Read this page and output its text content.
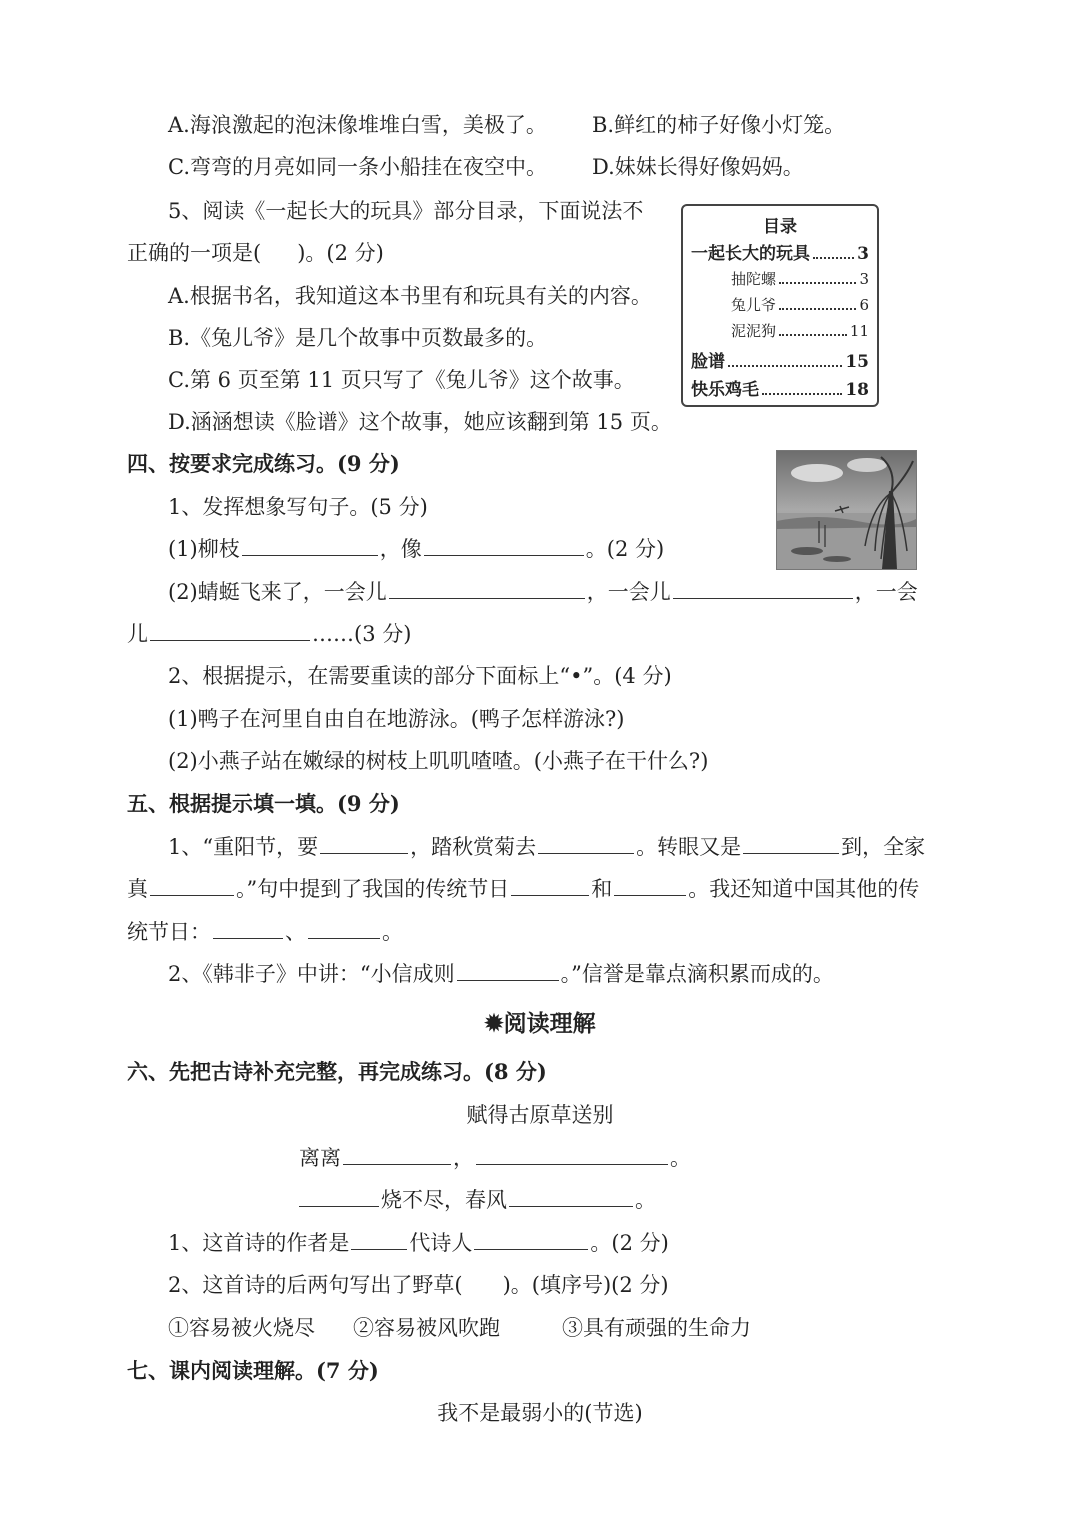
A.海浪激起的泡沫像堆堆白雪，美极了。 B.鲜红的柿子好像小灯笼。
C.弯弯的月亮如同一条小船挂在夜空中。 D.妹妹长得好像妈妈。
5、阅读《一起长大的玩具》部分目录，下面说法不
正确的一项是( )。(2 分)
A.根据书名，我知道这本书里有和玩具有关的内容。
B.《兔儿爷》是几个故事中页数最多的。
C.第 6 页至第 11 页只写了《兔儿爷》这个故事。
D.涵涵想读《脸谱》这个故事，她应该翻到第 15 页。
目录
一起长大的玩具	3
抽陀螺	3
兔儿爷	6
泥泥狗	11
脸谱	15
快乐鸡毛	18
四、按要求完成练习。(9 分)
1、发挥想象写句子。(5 分)
(1)柳枝	，像	。(2 分)
(2)蜻蜓飞来了，一会儿	，一会儿	，一会
儿	……(3 分)
2、根据提示，在需要重读的部分下面标上“•”。(4 分)
(1)鸭子在河里自由自在地游泳。(鸭子怎样游泳?)
(2)小燕子站在嫩绿的树枝上叽叽喳喳。(小燕子在干什么?)
五、根据提示填一填。(9 分)
1、“重阳节，要	，踏秋赏菊去	。转眼又是	到，全家
真	。”句中提到了我国的传统节日	和	。我还知道中国其他的传
统节日：	、	。
2、《韩非子》中讲：“小信成则	。”信誉是靠点滴积累而成的。
✹阅读理解
六、先把古诗补充完整，再完成练习。(8 分)
赋得古原草送别
离离	，	。
烧不尽，春风	。
1、这首诗的作者是	代诗人	。(2 分)
2、这首诗的后两句写出了野草( )。(填序号)(2 分)
①容易被火烧尽 ②容易被风吹跑	③具有顽强的生命力
七、课内阅读理解。(7 分)
我不是最弱小的(节选)
